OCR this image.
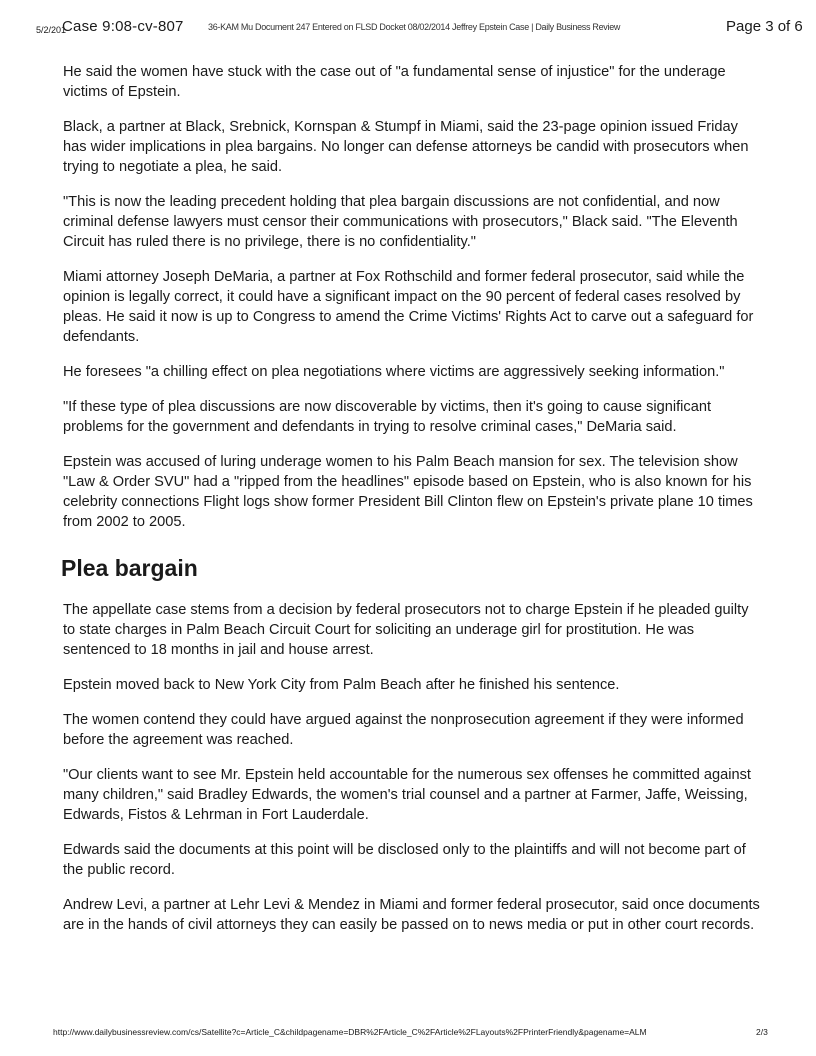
5/2/201
Case 9:08-cv-807	36-KAM Mu Document 247 Entered on FLSD Docket 08/02/2014 Jeffrey Epstein Case | Daily Business Review	Page 3 of 6

He said the women have stuck with the case out of "a fundamental sense of injustice" for the underage victims of Epstein.

Black, a partner at Black, Srebnick, Kornspan & Stumpf in Miami, said the 23-page opinion issued Friday has wider implications in plea bargains. No longer can defense attorneys be candid with prosecutors when trying to negotiate a plea, he said.

"This is now the leading precedent holding that plea bargain discussions are not confidential, and now criminal defense lawyers must censor their communications with prosecutors," Black said. "The Eleventh Circuit has ruled there is no privilege, there is no confidentiality."

Miami attorney Joseph DeMaria, a partner at Fox Rothschild and former federal prosecutor, said while the opinion is legally correct, it could have a significant impact on the 90 percent of federal cases resolved by pleas. He said it now is up to Congress to amend the Crime Victims' Rights Act to carve out a safeguard for defendants.

He foresees "a chilling effect on plea negotiations where victims are aggressively seeking information."

"If these type of plea discussions are now discoverable by victims, then it's going to cause significant problems for the government and defendants in trying to resolve criminal cases," DeMaria said.

Epstein was accused of luring underage women to his Palm Beach mansion for sex. The television show "Law & Order SVU" had a "ripped from the headlines" episode based on Epstein, who is also known for his celebrity connections Flight logs show former President Bill Clinton flew on Epstein's private plane 10 times from 2002 to 2005.

Plea bargain

The appellate case stems from a decision by federal prosecutors not to charge Epstein if he pleaded guilty to state charges in Palm Beach Circuit Court for soliciting an underage girl for prostitution. He was sentenced to 18 months in jail and house arrest.

Epstein moved back to New York City from Palm Beach after he finished his sentence.

The women contend they could have argued against the nonprosecution agreement if they were informed before the agreement was reached.

"Our clients want to see Mr. Epstein held accountable for the numerous sex offenses he committed against many children," said Bradley Edwards, the women's trial counsel and a partner at Farmer, Jaffe, Weissing, Edwards, Fistos & Lehrman in Fort Lauderdale.

Edwards said the documents at this point will be disclosed only to the plaintiffs and will not become part of the public record.

Andrew Levi, a partner at Lehr Levi & Mendez in Miami and former federal prosecutor, said once documents are in the hands of civil attorneys they can easily be passed on to news media or put in other court records.

http://www.dailybusinessreview.com/cs/Satellite?c=Article_C&childpagename=DBR%2FArticle_C%2FArticle%2FLayouts%2FPrinterFriendly&pagename=ALM	2/3
